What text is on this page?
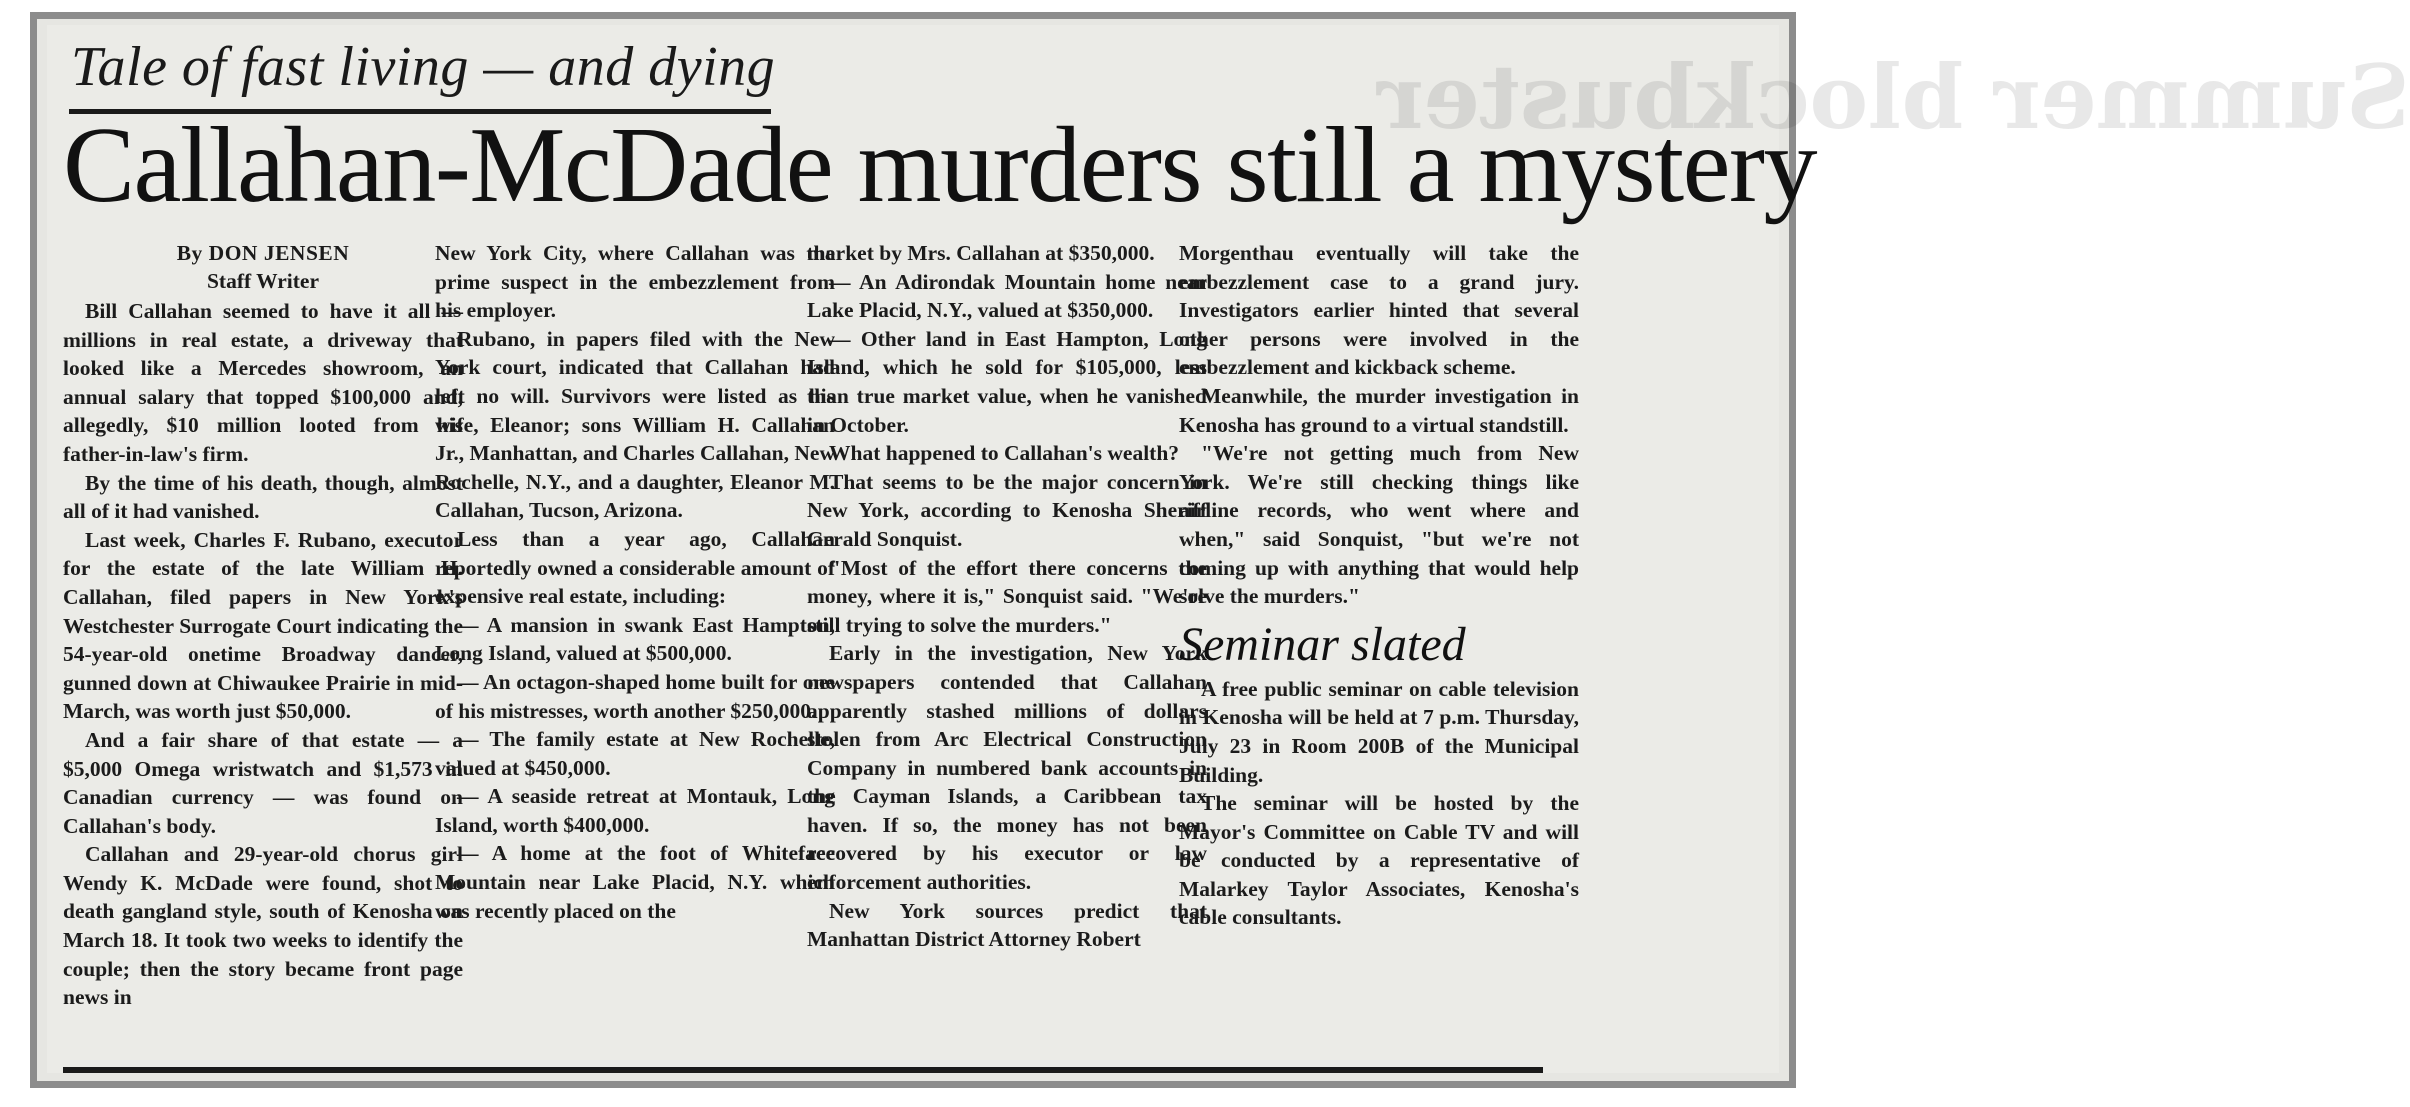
Summer blockbuster
Tale of fast living — and dying
Callahan-McDade murders still a mystery
By DON JENSEN
Staff Writer

Bill Callahan seemed to have it all — millions in real estate, a driveway that looked like a Mercedes showroom, an annual salary that topped $100,000 and, allegedly, $10 million looted from his father-in-law's firm.

By the time of his death, though, almost all of it had vanished.

Last week, Charles F. Rubano, executor for the estate of the late William H. Callahan, filed papers in New York's Westchester Surrogate Court indicating the 54-year-old onetime Broadway dancer, gunned down at Chiwaukee Prairie in mid-March, was worth just $50,000.

And a fair share of that estate — a $5,000 Omega wristwatch and $1,573 in Canadian currency — was found on Callahan's body.

Callahan and 29-year-old chorus girl Wendy K. McDade were found, shot to death gangland style, south of Kenosha on March 18. It took two weeks to identify the couple; then the story became front page news in

New York City, where Callahan was the prime suspect in the embezzlement from his employer.

Rubano, in papers filed with the New York court, indicated that Callahan had left no will. Survivors were listed as his wife, Eleanor; sons William H. Callahan Jr., Manhattan, and Charles Callahan, New Rochelle, N.Y., and a daughter, Eleanor M. Callahan, Tucson, Arizona.

Less than a year ago, Callahan reportedly owned a considerable amount of expensive real estate, including:

— A mansion in swank East Hampton, Long Island, valued at $500,000.

— An octagon-shaped home built for one of his mistresses, worth another $250,000.

— The family estate at New Rochelle, valued at $450,000.

— A seaside retreat at Montauk, Long Island, worth $400,000.

— A home at the foot of Whiteface Mountain near Lake Placid, N.Y. which was recently placed on the

market by Mrs. Callahan at $350,000.

— An Adirondak Mountain home near Lake Placid, N.Y., valued at $350,000.

— Other land in East Hampton, Long Island, which he sold for $105,000, less than true market value, when he vanished in October.

What happened to Callahan's wealth?

That seems to be the major concern in New York, according to Kenosha Sheriff Gerald Sonquist.

"Most of the effort there concerns the money, where it is," Sonquist said. "We're still trying to solve the murders."

Early in the investigation, New York newspapers contended that Callahan apparently stashed millions of dollars stolen from Arc Electrical Construction Company in numbered bank accounts in the Cayman Islands, a Caribbean tax haven. If so, the money has not been recovered by his executor or law enforcement authorities.

New York sources predict that Manhattan District Attorney Robert

Morgenthau eventually will take the embezzlement case to a grand jury. Investigators earlier hinted that several other persons were involved in the embezzlement and kickback scheme.

Meanwhile, the murder investigation in Kenosha has ground to a virtual standstill.

"We're not getting much from New York. We're still checking things like airline records, who went where and when," said Sonquist, "but we're not coming up with anything that would help solve the murders."

Seminar slated

A free public seminar on cable television in Kenosha will be held at 7 p.m. Thursday, July 23 in Room 200B of the Municipal Building.

The seminar will be hosted by the Mayor's Committee on Cable TV and will be conducted by a representative of Malarkey Taylor Associates, Kenosha's cable consultants.
